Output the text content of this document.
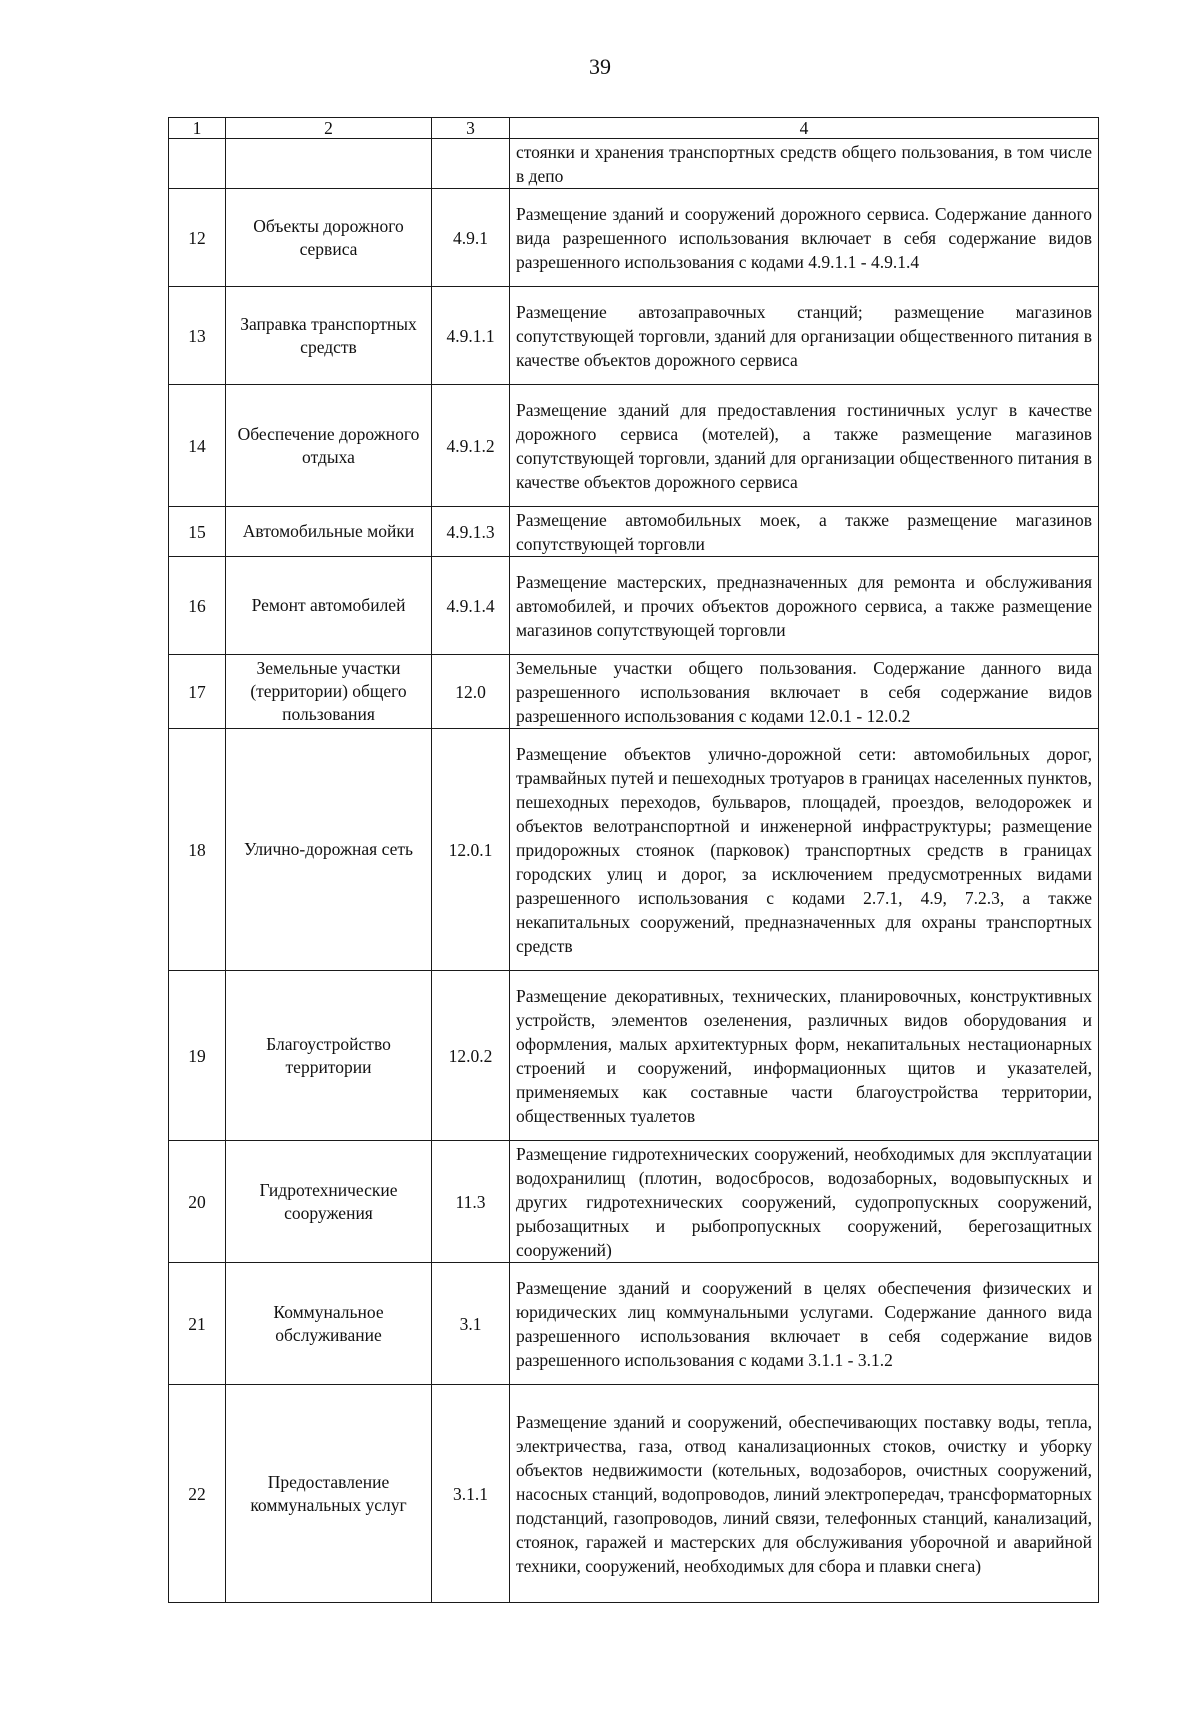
39
1	2	3	4
			стоянки и хранения транспортных средств общего пользования, в том числе в депо
12	Объекты дорожного сервиса	4.9.1	Размещение зданий и сооружений дорожного сервиса. Содержание данного вида разрешенного использования включает в себя содержание видов разрешенного использования с кодами 4.9.1.1 - 4.9.1.4
13	Заправка транспортных средств	4.9.1.1	Размещение автозаправочных станций; размещение магазинов сопутствующей торговли, зданий для организации общественного питания в качестве объектов дорожного сервиса
14	Обеспечение дорожного отдыха	4.9.1.2	Размещение зданий для предоставления гостиничных услуг в качестве дорожного сервиса (мотелей), а также размещение магазинов сопутствующей торговли, зданий для организации общественного питания в качестве объектов дорожного сервиса
15	Автомобильные мойки	4.9.1.3	Размещение автомобильных моек, а также размещение магазинов сопутствующей торговли
16	Ремонт автомобилей	4.9.1.4	Размещение мастерских, предназначенных для ремонта и обслуживания автомобилей, и прочих объектов дорожного сервиса, а также размещение магазинов сопутствующей торговли
17	Земельные участки (территории) общего пользования	12.0	Земельные участки общего пользования. Содержание данного вида разрешенного использования включает в себя содержание видов разрешенного использования с кодами 12.0.1 - 12.0.2
18	Улично-дорожная сеть	12.0.1	Размещение объектов улично-дорожной сети: автомобильных дорог, трамвайных путей и пешеходных тротуаров в границах населенных пунктов, пешеходных переходов, бульваров, площадей, проездов, велодорожек и объектов велотранспортной и инженерной инфраструктуры; размещение придорожных стоянок (парковок) транспортных средств в границах городских улиц и дорог, за исключением предусмотренных видами разрешенного использования с кодами 2.7.1, 4.9, 7.2.3, а также некапитальных сооружений, предназначенных для охраны транспортных средств
19	Благоустройство территории	12.0.2	Размещение декоративных, технических, планировочных, конструктивных устройств, элементов озеленения, различных видов оборудования и оформления, малых архитектурных форм, некапитальных нестационарных строений и сооружений, информационных щитов и указателей, применяемых как составные части благоустройства территории, общественных туалетов
20	Гидротехнические сооружения	11.3	Размещение гидротехнических сооружений, необходимых для эксплуатации водохранилищ (плотин, водосбросов, водозаборных, водовыпускных и других гидротехнических сооружений, судопропускных сооружений, рыбозащитных и рыбопропускных сооружений, берегозащитных сооружений)
21	Коммунальное обслуживание	3.1	Размещение зданий и сооружений в целях обеспечения физических и юридических лиц коммунальными услугами. Содержание данного вида разрешенного использования включает в себя содержание видов разрешенного использования с кодами 3.1.1 - 3.1.2
22	Предоставление коммунальных услуг	3.1.1	Размещение зданий и сооружений, обеспечивающих поставку воды, тепла, электричества, газа, отвод канализационных стоков, очистку и уборку объектов недвижимости (котельных, водозаборов, очистных сооружений, насосных станций, водопроводов, линий электропередач, трансформаторных подстанций, газопроводов, линий связи, телефонных станций, канализаций, стоянок, гаражей и мастерских для обслуживания уборочной и аварийной техники, сооружений, необходимых для сбора и плавки снега)
